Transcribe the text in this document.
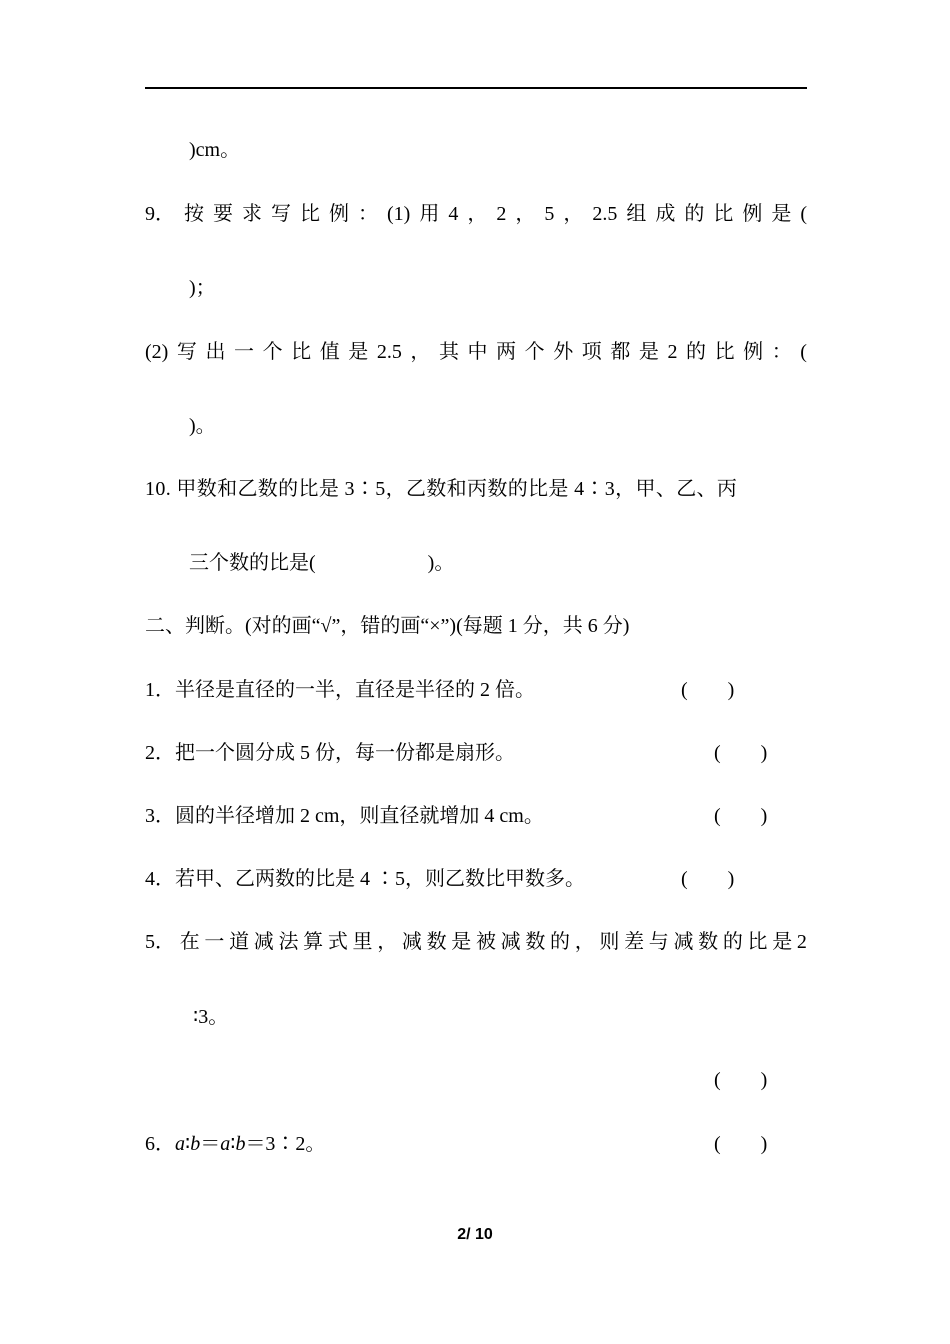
)cm。
9． 按 要 求 写 比 例 ： (1) 用 4 ， 2 ， 5 ， 2.5 组 成 的 比 例 是 (
)；
(2) 写 出 一 个 比 值 是 2.5 ， 其 中 两 个 外 项 都 是 2 的 比 例 ： (
)。
10. 甲数和乙数的比是 3∶5，乙数和丙数的比是 4∶3，甲、乙、丙
三个数的比是(	)。
二、判断。(对的画“√”，错的画“×”)(每题 1 分，共 6 分)
1．半径是直径的一半，直径是半径的 2 倍。	(        )
2．把一个圆分成 5 份，每一份都是扇形。	(        )
3．圆的半径增加 2 cm，则直径就增加 4 cm。	(        )
4．若甲、乙两数的比是 4 ∶5，则乙数比甲数多。	(        )
5． 在 一 道 减 法 算 式 里 ， 减 数 是 被 减 数 的 ， 则 差 与 减 数 的 比 是 2
∶3。
(        )
6．a∶b＝a∶b＝3∶2。	(        )
2/ 10
